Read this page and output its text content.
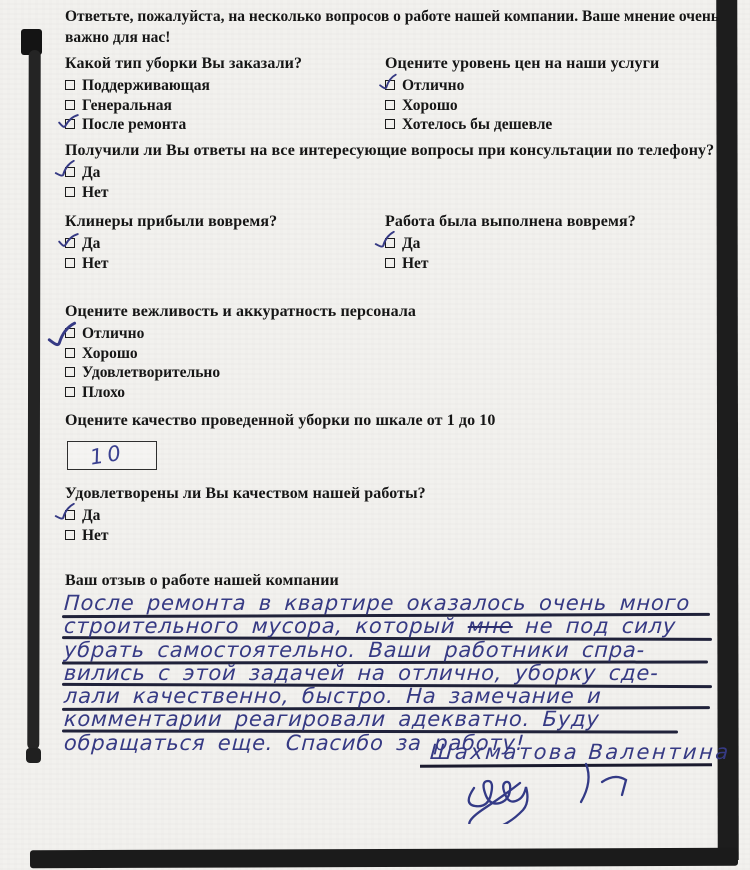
Ответьте, пожалуйста, на несколько вопросов о работе нашей компании. Ваше мнение очень
важно для нас!
Какой тип уборки Вы заказали?
Поддерживающая
Генеральная
После ремонта
Оцените уровень цен на наши услуги
Отлично
Хорошо
Хотелось бы дешевле
Получили ли Вы ответы на все интересующие вопросы при консультации по телефону?
Да
Нет
Клинеры прибыли вовремя?
Да
Нет
Работа была выполнена вовремя?
Да
Нет
Оцените вежливость и аккуратность персонала
Отлично
Хорошо
Удовлетворительно
Плохо
Оцените качество проведенной уборки по шкале от 1 до 10
10
Удовлетворены ли Вы качеством нашей работы?
Да
Нет
Ваш отзыв о работе нашей компании
После ремонта в квартире оказалось очень много
строительного мусора, который мне не под силу
убрать самостоятельно. Ваши работники спра-
вились с этой задачей на отлично, уборку сде-
лали качественно, быстро. На замечание и
комментарии реагировали адекватно. Буду
обращаться еще. Спасибо за работу!
Шахматова Валентина
